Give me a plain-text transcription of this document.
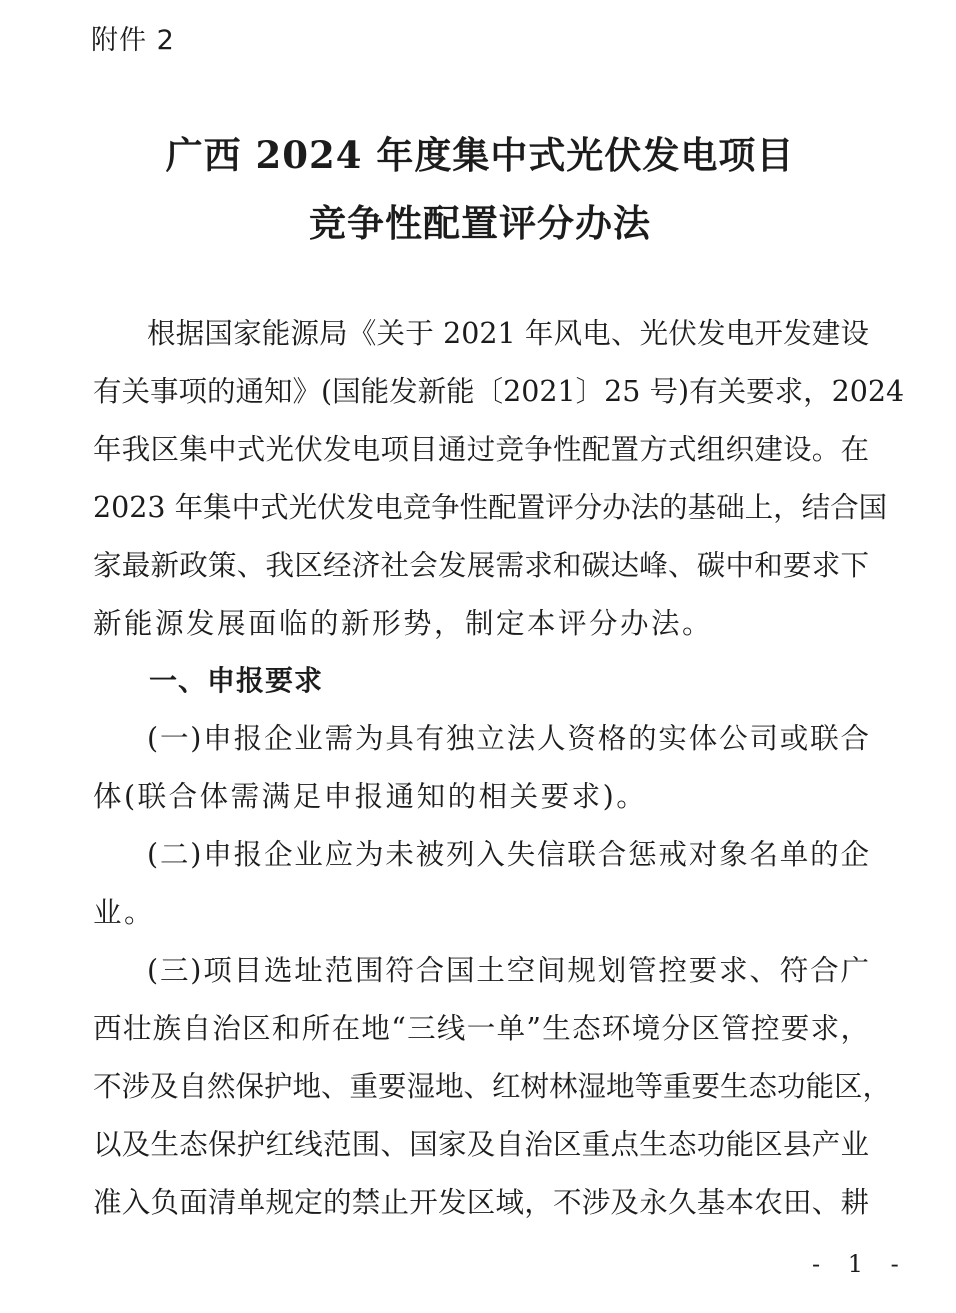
附件 2
广西 2024 年度集中式光伏发电项目
竞争性配置评分办法
根据国家能源局《关于 2021 年风电、光伏发电开发建设
有关事项的通知》(国能发新能〔2021〕25 号)有关要求，2024
年我区集中式光伏发电项目通过竞争性配置方式组织建设。在
2023 年集中式光伏发电竞争性配置评分办法的基础上，结合国
家最新政策、我区经济社会发展需求和碳达峰、碳中和要求下
新能源发展面临的新形势，制定本评分办法。
一、申报要求
(一)申报企业需为具有独立法人资格的实体公司或联合
体(联合体需满足申报通知的相关要求)。
(二)申报企业应为未被列入失信联合惩戒对象名单的企
业。
(三)项目选址范围符合国土空间规划管控要求、符合广
西壮族自治区和所在地“三线一单”生态环境分区管控要求，
不涉及自然保护地、重要湿地、红树林湿地等重要生态功能区，
以及生态保护红线范围、国家及自治区重点生态功能区县产业
准入负面清单规定的禁止开发区域，不涉及永久基本农田、耕
- 1 -
